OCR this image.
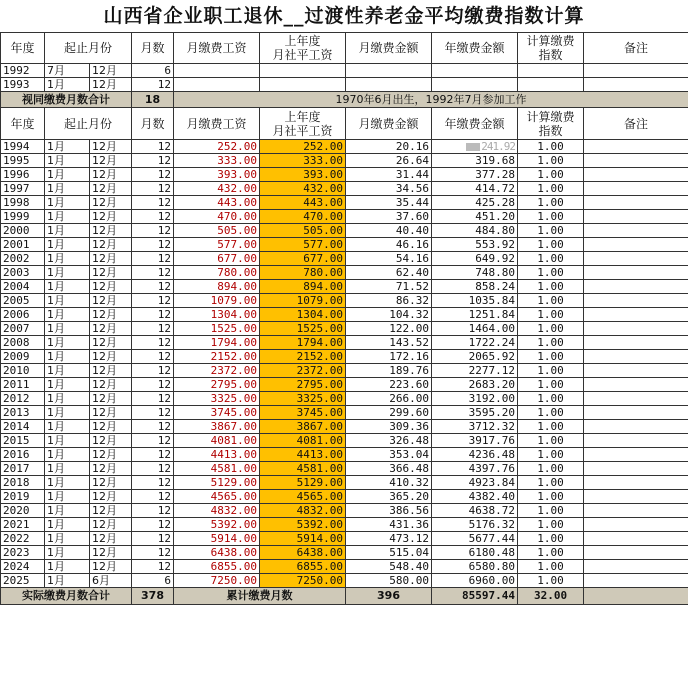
山西省企业职工退休__过渡性养老金平均缴费指数计算
年度	起止月份		月数	月缴费工资	上年度
月社平工资	月缴费金额	年缴费金额	计算缴费
指数	备注
1992	7月	12月	6						
1993	1月	12月	12						
视同缴费月数合计			18	1970年6月出生，1992年7月参加工作					
年度	起止月份		月数	月缴费工资	上年度
月社平工资	月缴费金额	年缴费金额	计算缴费
指数	备注
1994	1月	12月	12	252.00	252.00	20.16	241.92	1.00	
1995	1月	12月	12	333.00	333.00	26.64	319.68	1.00	
1996	1月	12月	12	393.00	393.00	31.44	377.28	1.00	
1997	1月	12月	12	432.00	432.00	34.56	414.72	1.00	
1998	1月	12月	12	443.00	443.00	35.44	425.28	1.00	
1999	1月	12月	12	470.00	470.00	37.60	451.20	1.00	
2000	1月	12月	12	505.00	505.00	40.40	484.80	1.00	
2001	1月	12月	12	577.00	577.00	46.16	553.92	1.00	
2002	1月	12月	12	677.00	677.00	54.16	649.92	1.00	
2003	1月	12月	12	780.00	780.00	62.40	748.80	1.00	
2004	1月	12月	12	894.00	894.00	71.52	858.24	1.00	
2005	1月	12月	12	1079.00	1079.00	86.32	1035.84	1.00	
2006	1月	12月	12	1304.00	1304.00	104.32	1251.84	1.00	
2007	1月	12月	12	1525.00	1525.00	122.00	1464.00	1.00	
2008	1月	12月	12	1794.00	1794.00	143.52	1722.24	1.00	
2009	1月	12月	12	2152.00	2152.00	172.16	2065.92	1.00	
2010	1月	12月	12	2372.00	2372.00	189.76	2277.12	1.00	
2011	1月	12月	12	2795.00	2795.00	223.60	2683.20	1.00	
2012	1月	12月	12	3325.00	3325.00	266.00	3192.00	1.00	
2013	1月	12月	12	3745.00	3745.00	299.60	3595.20	1.00	
2014	1月	12月	12	3867.00	3867.00	309.36	3712.32	1.00	
2015	1月	12月	12	4081.00	4081.00	326.48	3917.76	1.00	
2016	1月	12月	12	4413.00	4413.00	353.04	4236.48	1.00	
2017	1月	12月	12	4581.00	4581.00	366.48	4397.76	1.00	
2018	1月	12月	12	5129.00	5129.00	410.32	4923.84	1.00	
2019	1月	12月	12	4565.00	4565.00	365.20	4382.40	1.00	
2020	1月	12月	12	4832.00	4832.00	386.56	4638.72	1.00	
2021	1月	12月	12	5392.00	5392.00	431.36	5176.32	1.00	
2022	1月	12月	12	5914.00	5914.00	473.12	5677.44	1.00	
2023	1月	12月	12	6438.00	6438.00	515.04	6180.48	1.00	
2024	1月	12月	12	6855.00	6855.00	548.40	6580.80	1.00	
2025	1月	6月	6	7250.00	7250.00	580.00	6960.00	1.00	
实际缴费月数合计			378	累计缴费月数		396	85597.44	32.00	
